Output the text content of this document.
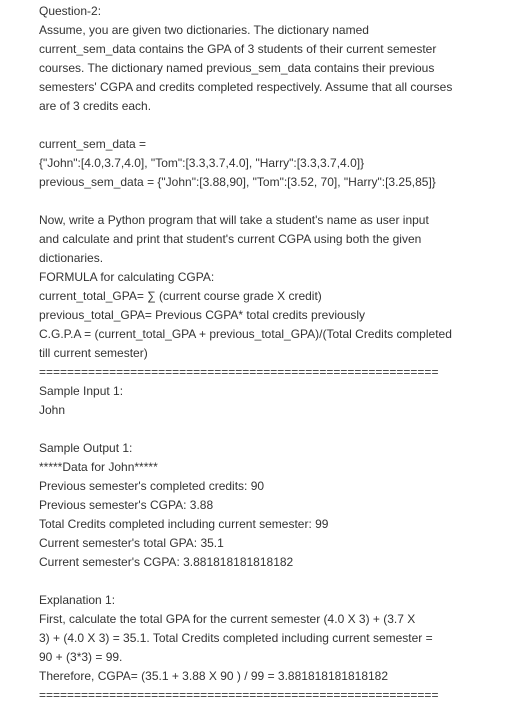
Question-2:
Assume, you are given two dictionaries. The dictionary named
current_sem_data contains the GPA of 3 students of their current semester
courses. The dictionary named previous_sem_data contains their previous
semesters' CGPA and credits completed respectively. Assume that all courses
are of 3 credits each.
current_sem_data =
{"John":[4.0,3.7,4.0], "Tom":[3.3,3.7,4.0], "Harry":[3.3,3.7,4.0]}
previous_sem_data = {"John":[3.88,90], "Tom":[3.52, 70], "Harry":[3.25,85]}
Now, write a Python program that will take a student's name as user input
and calculate and print that student's current CGPA using both the given
dictionaries.
FORMULA for calculating CGPA:
current_total_GPA= ∑ (current course grade X credit)
previous_total_GPA= Previous CGPA* total credits previously
C.G.P.A = (current_total_GPA + previous_total_GPA)/(Total Credits completed
till current semester)
=========================================================
Sample Input 1:
John
Sample Output 1:
*****Data for John*****
Previous semester's completed credits: 90
Previous semester's CGPA: 3.88
Total Credits completed including current semester: 99
Current semester's total GPA: 35.1
Current semester's CGPA: 3.881818181818182
Explanation 1:
First, calculate the total GPA for the current semester (4.0 X 3) + (3.7 X
3) + (4.0 X 3) = 35.1. Total Credits completed including current semester =
90 + (3*3) = 99.
Therefore, CGPA= (35.1 + 3.88 X 90 ) / 99 = 3.881818181818182
=========================================================
